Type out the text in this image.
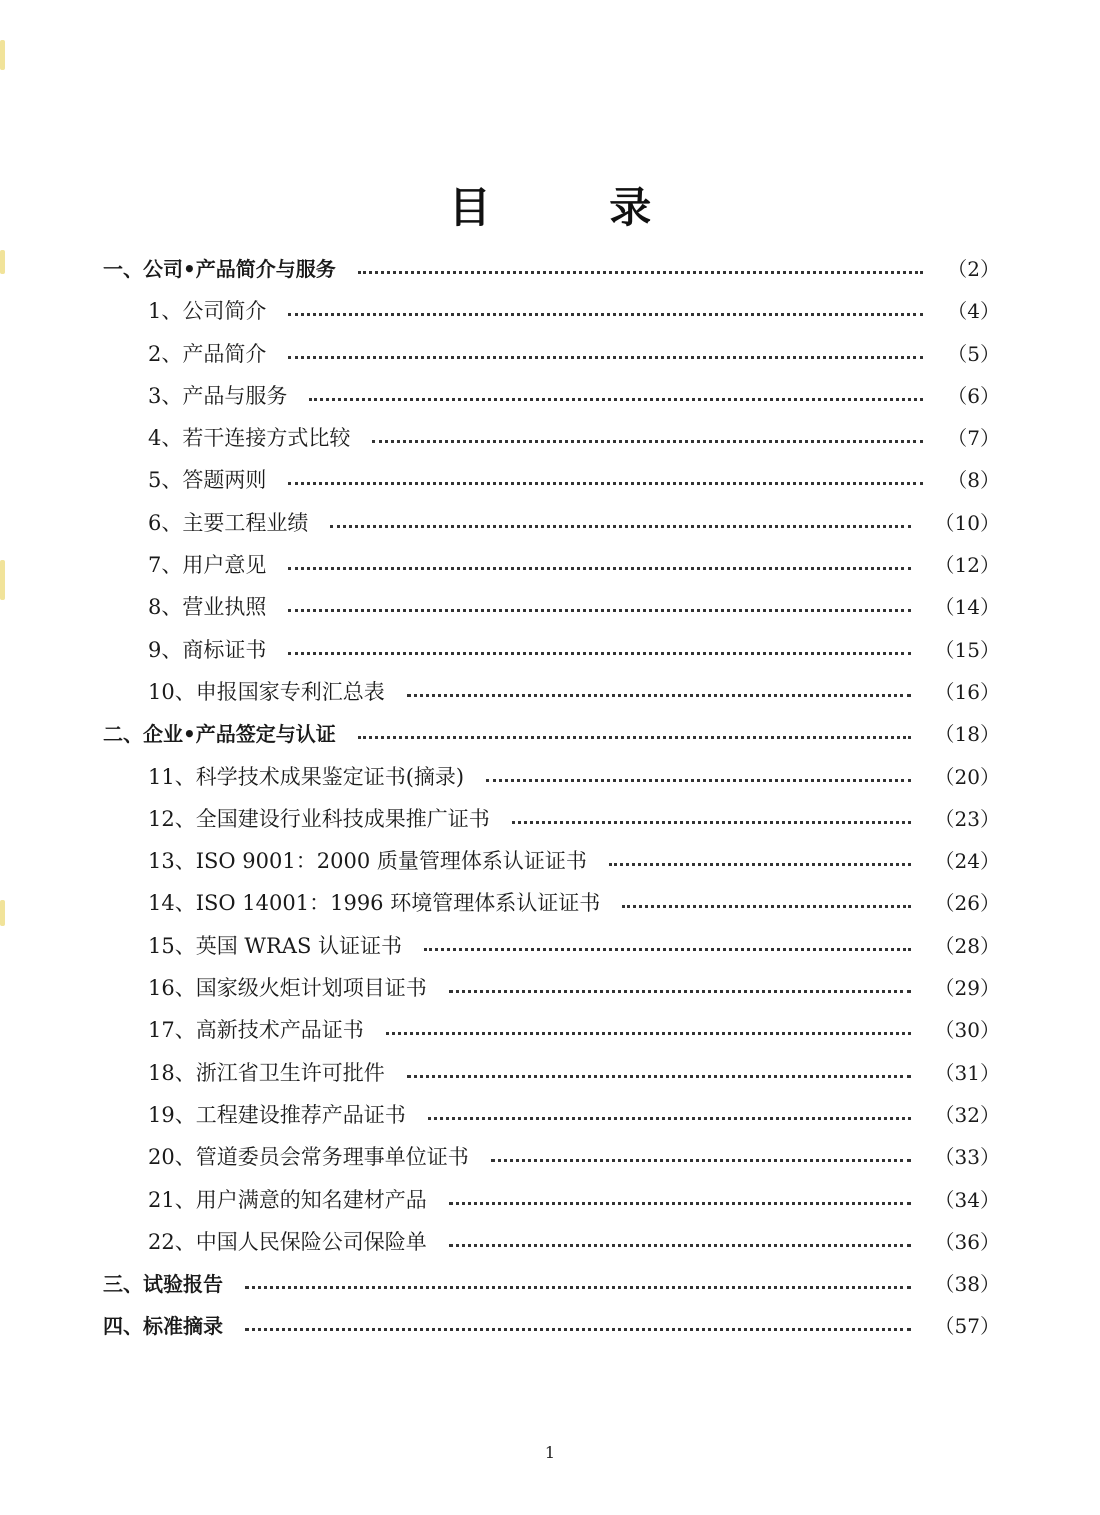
目 录
一、公司•产品简介与服务	（2）
1、公司简介	（4）
2、产品简介	（5）
3、产品与服务	（6）
4、若干连接方式比较	（7）
5、答题两则	（8）
6、主要工程业绩	（10）
7、用户意见	（12）
8、营业执照	（14）
9、商标证书	（15）
10、申报国家专利汇总表	（16）
二、企业•产品签定与认证	（18）
11、科学技术成果鉴定证书(摘录)	（20）
12、全国建设行业科技成果推广证书	（23）
13、ISO 9001：2000 质量管理体系认证证书	（24）
14、ISO 14001：1996 环境管理体系认证证书	（26）
15、英国 WRAS 认证证书	（28）
16、国家级火炬计划项目证书	（29）
17、高新技术产品证书	（30）
18、浙江省卫生许可批件	（31）
19、工程建设推荐产品证书	（32）
20、管道委员会常务理事单位证书	（33）
21、用户满意的知名建材产品	（34）
22、中国人民保险公司保险单	（36）
三、试验报告	（38）
四、标准摘录	（57）
1
